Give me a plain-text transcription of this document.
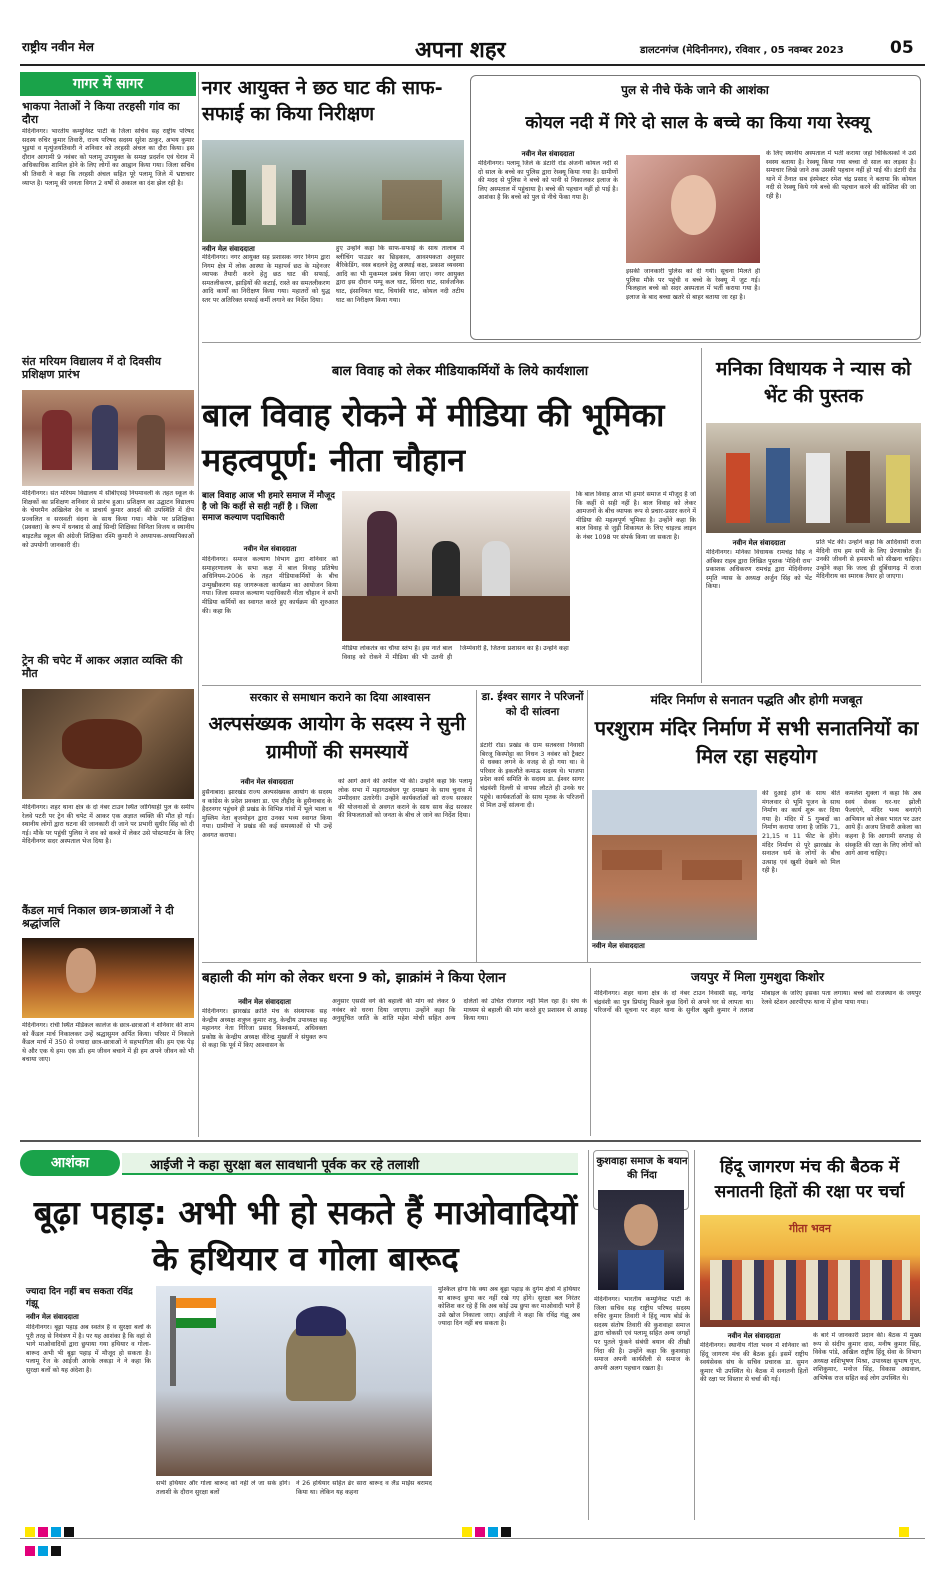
राष्ट्रीय नवीन मेल	अपना शहर	डालटनगंज (मेदिनीनगर), रविवार , 05 नवम्बर 2023	05
गागर में सागर
भाकपा नेताओं ने किया तरहसी गांव का दौरा
मेदिनीनगर। भारतीय कम्युनिस्ट पार्टी के जिला सचिव सह राष्ट्रीय परिषद सदस्य रुचिर कुमार तिवारी, राज्य परिषद सदस्य सुरेश ठाकुर, अभय कुमार भुइयां व मृत्युंजयतिवारी ने शनिवार को तरहसी अंचल का दौरा किया। इस दौरान आगामी 9 नवंबर को पलामू उपायुक्त के समक्ष प्रदर्शन एवं घेराव में अधिकाधिक शामिल होने के लिए लोगों का आह्वान किया गया। जिला सचिव श्री तिवारी ने कहा कि तरहसी अंचल सहित पूरे पलामू जिले में भ्रष्टाचार व्याप्त है। पलामू की जनता विगत 2 वर्षों से अकाल का दंश झेल रही है।
संत मरियम विद्यालय में दो दिवसीय प्रशिक्षण प्रारंभ
मेदिनीनगर। संत मरियम विद्यालय में सीबीएसई नियमावली के तहत स्कूल के शिक्षकों का प्रशिक्षण शनिवार से प्रारंभ हुआ। प्रशिक्षण का उद्घाटन विद्यालय के चेयरमैन अखिलेश देव व प्राचार्य कुमार आदर्श की उपस्थिति में दीप प्रज्वलित व सरस्वती वंदना के साथ किया गया। मौके पर प्रशिक्षिका (प्रवक्ता) के रूप में धनबाद से आई सिन्दी शिक्षिका विनिता विजय व स्थानीय बाइटलैड स्कूल की अंग्रेजी शिक्षिका रश्मि कुमारी ने अध्यापक-अध्यापिकाओं को उपयोगी जानकारी दी।
ट्रेन की चपेट में आकर अज्ञात व्यक्ति की मौत
मेदिनीनगर। शहर थाना क्षेत्र के दो नंबर टाउन स्थित जोगियाही पुल के समीप रेलवे पटरी पर ट्रेन की चपेट में आकर एक अज्ञात व्यक्ति की मौत हो गई। स्थानीय लोगों द्वारा घटना की जानकारी दी जाने पर प्रभारी सुधीर सिंह को दी गई। मौके पर पहुंची पुलिस ने शव को कब्जे में लेकर उसे पोस्टमार्टम के लिए मेदिनीनगर सदर अस्पताल भेज दिया है।
कैंडल मार्च निकाल छात्र-छात्राओं ने दी श्रद्धांजलि
मेदिनीनगर। रांची स्थित मेडिकल कालेज के छात्र-छात्राओं ने शनिवार की शाम को कैंडल मार्च निकालकर उन्हें श्रद्धासुमन अर्पित किया। परिसर में निकाले कैंडल मार्च में 350 से ज्यादा छात्र-छात्राओं ने सहभागिता की। हम एक पेड़ थे और एक थे हम। एक डॉ। हम जीवन बचाने में ही हम अपने जीवन को भी बचाया जाए।
नगर आयुक्त ने छठ घाट की साफ-सफाई का किया निरीक्षण
नवीन मेल संवाददाता
मेदिनीनगर। नगर आयुक्त सह प्रशासक नगर निगम द्वारा निगम क्षेत्र में लोक आस्था के महापर्व छठ के मद्देनजर व्यापक तैयारी करने हेतु छठ घाट की सफाई, समतलीकरण, झाड़ियों की कटाई, रास्ते का समतलीकरण आदि कार्यों का निरीक्षण किया गया। महातरों को युद्ध स्तर पर अतिरिक्त सफाई कर्मी लगाने का निर्देश दिया।
हुए उन्होंने कहा कि साफ-सफाई के साथ तालाब में ब्लीचिंग पाउडर का छिड़काव, आवश्यकता अनुसार बैरिकेडिंग, वस्त्र बदलने हेतु अस्थाई कक्ष, प्रकाश व्यवस्था आदि का भी मुकम्मल प्रबंध किया जाए। नगर आयुक्त द्वारा इस दौरान पम्पू कल घाट, सिंगरा घाट, सार्वजनिक घाट, इंसानियत घाट, चियांकी घाट, कोयल नदी तटीय घाट का निरीक्षण किया गया।
पुल से नीचे फेंके जाने की आशंका
कोयल नदी में गिरे दो साल के बच्चे का किया गया रेस्क्यू
नवीन मेल संवाददाता
मेदिनीनगर। पलामू जिले के डंटारी रोड अंजनी कोयल नदी से दो साल के बच्चे का पुलिस द्वारा रेस्क्यू किया गया है। ग्रामीणों की मदद से पुलिस ने बच्चे को पानी से निकालकर इलाज के लिए अस्पताल में पहुंचाया है। बच्चे की पहचान नहीं हो पाई है। आशंका है कि बच्चे को पुल से नीचे फेंका गया है।
इसकी जानकारी पुलिस को दी गयी। सूचना मिलते ही पुलिस मौके पर पहुंची व बच्चे के रेस्क्यू में जुट गई। फिलहाल बच्चे को सदर अस्पताल में भर्ती कराया गया है। इलाज के बाद बच्चा खतरे से बाहर बताया जा रहा है।
के लिए स्थानीय अस्पताल में भर्ती कराया जहां चिकित्सकों ने उसे स्वस्थ बताया है। रेस्क्यू किया गया बच्चा दो साल का लड़का है। समाचार लिखे जाने तक उसकी पहचान नहीं हो पाई थी। डंटारी रोड थाने में तैनात सब इंस्पेक्टर रमेश चंद्र प्रसाद ने बताया कि कोयल नदी से रेस्क्यू किये गये बच्चे की पहचान करने की कोशिश की जा रही है।
बाल विवाह को लेकर मीडियाकर्मियों के लिये कार्यशाला
बाल विवाह रोकने में मीडिया की भूमिका महत्वपूर्ण: नीता चौहान
बाल विवाह आज भी हमारे समाज में मौजूद है जो कि कहीं से सही नहीं है । जिला समाज कल्याण पदाधिकारी
नवीन मेल संवाददाता
मेदिनीनगर। समाज कल्याण विभाग द्वारा शनिवार को समाहरणालय के सभा कक्ष में बाल विवाह प्रतिषेध अधिनियम-2006 के तहत मीडियाकर्मियों के बीच उन्मुखीकरण सह जागरूकता कार्यक्रम का आयोजन किया गया। जिला समाज कल्याण पदाधिकारी नीता चौहान ने सभी मीडिया कर्मियों का स्वागत करते हुए कार्यक्रम की शुरुआत की। कहा कि
मीडिया लोकतंत्र का चौथा स्तंभ है। इस नाते बाल विवाह को रोकने में मीडिया की भी उतनी ही जिम्मेवारी है, जितना प्रशासन का है। उन्होंने कहा
कि बाल विवाह आज भी हमारे समाज में मौजूद है जो कि कहीं से सही नहीं है। बाल विवाह को लेकर आमजनों के बीच व्यापक रूप से प्रचार-प्रसार करने में मीडिया की महत्वपूर्ण भूमिका है। उन्होंने कहा कि बाल विवाह से जुड़ी शिकायत के लिए चाइल्ड लाइन के नंबर 1098 पर संपर्क किया जा सकता है।
मनिका विधायक ने न्यास को भेंट की पुस्तक
नवीन मेल संवाददाता
मेदिनीनगर। मनिका विधायक रामचंद्र सिंह ने अंबिका राहब द्वारा लिखित पुस्तक 'मेदिनी राय' प्रकाशक अधिकरण रामचंद्र द्वारा मेदिनीनगर स्मृति न्यास के अध्यक्ष अर्जुन सिंह को भेंट किया।
प्रति भेंट की। उन्होंने कहा कि आदिवासी राजा मेदिनी राय हम सभी के लिए प्रेरणास्रोत हैं। उनकी जीवनी से हमसभी को सीखना चाहिए। उन्होंने कहा कि जल्द ही दुर्बिधागढ़ में राजा मेदिनीराय का स्मारक तैयार हो जाएगा।
सरकार से समाधान कराने का दिया आश्वासन
अल्पसंख्यक आयोग के सदस्य ने सुनी ग्रामीणों की समस्यायें
नवीन मेल संवाददाता
हुसैनाबाद। झारखंड राज्य अल्पसंख्यक आयोग के सदस्य व कांग्रेस के प्रदेश प्रवक्ता डा. एम तौहीद के हुसैनाबाद के हैदरनगर पहुंचने ही प्रखंड के विभिन्न गांवों में भूले भाला व मुस्लिम नेता बृजमोहन द्वारा उनका भव्य स्वागत किया गया। ग्रामीणों ने प्रखंड की कई समस्याओं से भी उन्हें अवगत कराया।
को आगे आने की अपील भी की। उन्होंने कहा कि पलामू लोक सभा में महागठबंधन पूर दमखम के साथ चुनाव में उम्मीदवार उतारेगी। उन्होंने कार्यकर्ताओं को राज्य सरकार की योजनाओं से अवगत कराने के साथ साथ केंद्र सरकार की विफलताओं को जनता के बीच ले जाने का निर्देश दिया।
डा. ईश्वर सागर ने परिजनों को दी सांत्वना
डंटारी रोड। प्रखंड के ग्राम सतबरवा निवासी बिरजू किस्पोट्टा का निधन 3 नवंबर को ट्रैक्टर से धक्का लगने के वजह से हो गया था। वे परिवार के इकलौते कमाऊ सदस्य थे। भाजपा प्रदेश कार्य समिति के सदस्य डा. ईश्वर सागर चंद्रवंशी दिल्ली से वापस लौटते ही उनके घर पहुंचे। कार्यकर्ताओं के साथ मृतक के परिजनों से मिल उन्हें सांत्वना दी।
मंदिर निर्माण से सनातन पद्धति और होगी मजबूत
परशुराम मंदिर निर्माण में सभी सनातनियों का मिल रहा सहयोग
नवीन मेल संवाददाता
की दुआई होने के साथ बीते मंगलवार से भूमि पूजन के साथ निर्माण का कार्य शुरू कर दिया गया है। मंदिर में 5 गुम्बदों का निर्माण कराया जाना है जोकि 71, 21,15 व 11 फीट के होंगे। मंदिर निर्माण से पूरे झारखंड के सनातन धर्म के लोगों के बीच उत्साह एवं खुशी देखने को मिल रही है।
कमलेश शुक्ला ने कहा कि अब स्वयं सेवक घर-घर झोली फैलाएंगे, मंदिर भव्य बनाएंगे अभियान को लेकर भारत पर उतर आये हैं। अजय तिवारी अकेला का कहना है कि आगामी सप्ताह से संस्कृति की रक्षा के लिए लोगों को आगे आना चाहिए।
बहाली की मांग को लेकर धरना 9 को, झाक्रांमं ने किया ऐलान
नवीन मेल संवाददाता
मेदिनीनगर। झारखंड क्रांति मंच के संस्थापक सह केन्द्रीय अध्यक्ष शत्रुघ्न कुमार शत्रु, केन्द्रीय उपाध्यक्ष सह महानगर नेता गिरिजा प्रसाद विश्वकर्मा, अधिवक्ता प्रकोष्ठ के केन्द्रीय अध्यक्ष वीरेन्द्र मुखर्जी ने संयुक्त रूप से कहा कि पूर्व में किए आश्वासन के
अनुसार एससी वर्ग की बहाली की मांग को लेकर 9 नवंबर को धरना दिया जाएगा। उन्होंने कहा कि अनुसूचित जाति के शांति महेश मोची सहित अन्य दलितों को उचित रोजगार नहीं मिल रहा है। संघ के माध्यम से बहाली की मांग करते हुए प्रशासन से आग्रह किया गया।
जयपुर में मिला गुमशुदा किशोर
मेदिनीनगर। शहर थाना क्षेत्र के दो नंबर टाउन निवासी सह, नागेंद्र चंद्रवंशी का पुत्र प्रियांशु पिछले कुछ दिनों से अपने घर से लापता था। परिजनों की सूचना पर शहर थाना के सुनील खुशी कुमार ने तलाश मोबाइल के जरिए इसका पता लगाया। बच्चे को राजस्थान के जयपुर रेलवे स्टेशन आरपीएफ थाना में होना पाया गया।
आशंका	आईजी ने कहा सुरक्षा बल सावधानी पूर्वक कर रहे तलाशी
बूढ़ा पहाड़: अभी भी हो सकते हैं माओवादियों के हथियार व गोला बारूद
ज्यादा दिन नहीं बच सकता रविंद्र गंझू
नवीन मेल संवाददाता
मेदिनीनगर। बूढ़ा पहाड़ अब स्वतंत्र है व सुरक्षा बलों के पूरी तरह से नियंत्रण में है। पर यह आशंका है कि वहां से भागे माओवादियों द्वारा छुपाया गया हथियार व गोला-बारूद अभी भी बूढ़ा पहाड़ में मौजूद हो सकता है। पलामू रेंज के आईजी आरके लकड़ा ने ने कहा कि सुरक्षा बलों को यह अंदेशा है।
सभी हथियार और गोला बारूद को नहीं ले जा सके होंगे। तलाशी के दौरान सुरक्षा बलों
ने 26 हथियार सहित ढेर सारा बारूद व लैंड माईंस बरामद किया था। लेकिन यह कहना
मुश्किल होगा कि क्या अब बूढ़ा पहाड़ के दुर्गम क्षेत्रों में हथियार या बारूद छुपा कर नहीं रखे गए होंगे। सुरक्षा बल निरंतर कोशिश कर रहे हैं कि अब कोई उम्र छुपा कर माओवादी भागे हैं उसे खोज निकाला जाए। आईजी ने कहा कि रविंद्र गंझू अब ज्यादा दिन नहीं बच सकता है।
कुशवाहा समाज के बयान की निंदा
मेदिनीनगर। भारतीय कम्युनिस्ट पार्टी के जिला सचिव सह राष्ट्रीय परिषद सदस्य रुचिर कुमार तिवारी ने हिंदू न्याय बोर्ड के सदस्य संतोष तिवारी की कुशवाहा समाज द्वारा चोकसी एवं पलामू सहित अन्य जगहों पर पुतले फूंकने संबंधी बयान की तीखी निंदा की है। उन्होंने कहा कि कुशवाहा समाज अपनी कार्यशैली से समाज के अपनी अलग पहचान रखता है।
हिंदू जागरण मंच की बैठक में सनातनी हितों की रक्षा पर चर्चा
गीता भवन
नवीन मेल संवाददाता
मेदिनीनगर। स्थानीय गीता भवन में शनिवार को हिंदू जागरण मंच की बैठक हुई। इसमें राष्ट्रीय स्वयंसेवक संघ के सचिव प्रचारक डा. सुमन कुमार भी उपस्थित थे। बैठक में सनातनी हितों की रक्षा पर विस्तार से चर्चा की गई।
के बारे में जानकारी प्रदान की। बैठक में मुख्य रूप से संदीप कुमार दास, मनीष कुमार सिंह, विवेक पांडे, अखिल राष्ट्रीय हिंदू सेवा के विभाग अध्यक्ष शशिभूषण मिश्रा, उपाध्यक्ष सुभाष गुप्त, शशिकुमार, मनोज सिंह, विकास अग्रवाल, अभिषेक राज सहित कई लोग उपस्थित थे।
